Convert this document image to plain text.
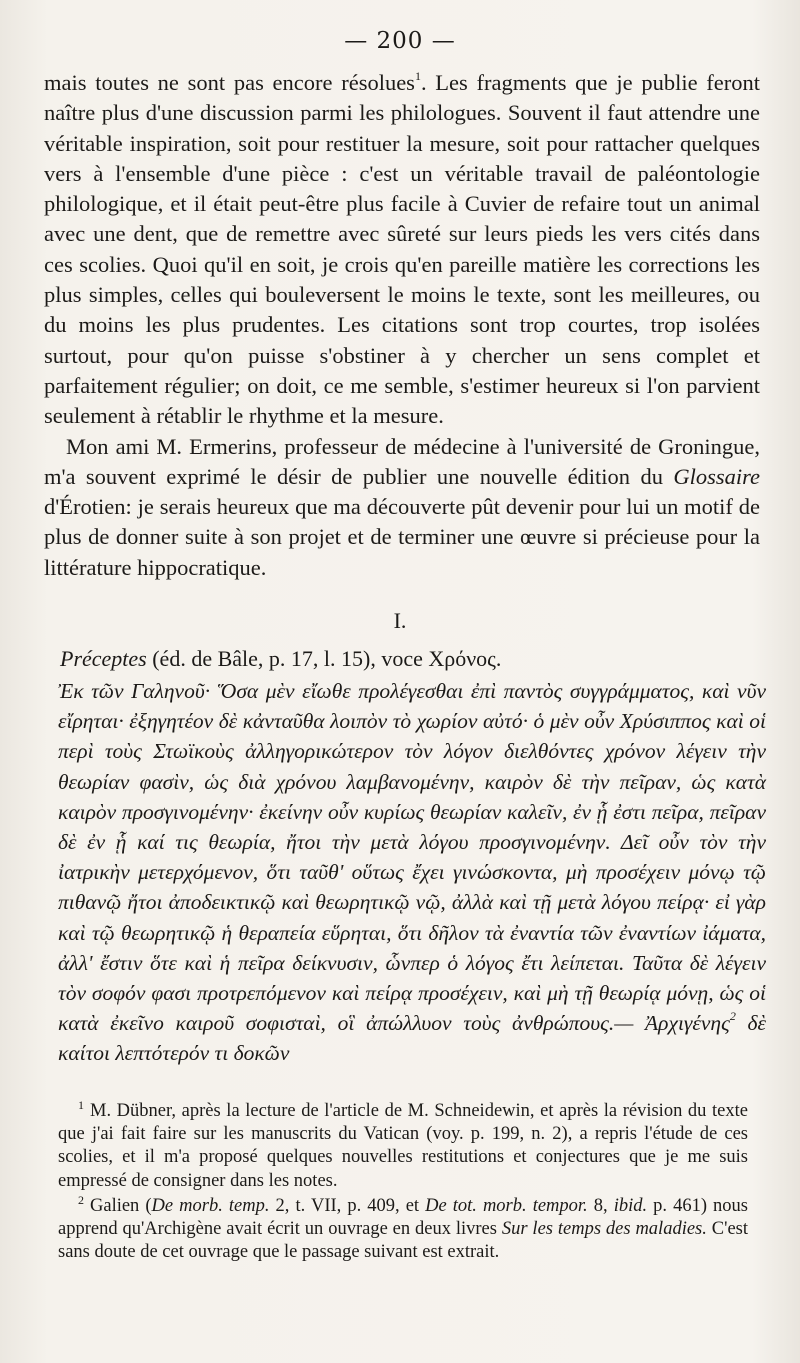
— 200 —

mais toutes ne sont pas encore résolues$^1$. Les fragments que je publie feront naître plus d'une discussion parmi les philologues. Souvent il faut attendre une véritable inspiration, soit pour restituer la mesure, soit pour rattacher quelques vers à l'ensemble d'une pièce : c'est un véritable travail de paléontologie philologique, et il était peut-être plus facile à Cuvier de refaire tout un animal avec une dent, que de remettre avec sûreté sur leurs pieds les vers cités dans ces scolies. Quoi qu'il en soit, je crois qu'en pareille matière les corrections les plus simples, celles qui bouleversent le moins le texte, sont les meilleures, ou du moins les plus prudentes. Les citations sont trop courtes, trop isolées surtout, pour qu'on puisse s'obstiner à y chercher un sens complet et parfaitement régulier; on doit, ce me semble, s'estimer heureux si l'on parvient seulement à rétablir le rhythme et la mesure.

Mon ami M. Ermerins, professeur de médecine à l'université de Groningue, m'a souvent exprimé le désir de publier une nouvelle édition du Glossaire d'Érotien: je serais heureux que ma découverte pût devenir pour lui un motif de plus de donner suite à son projet et de terminer une œuvre si précieuse pour la littérature hippocratique.

I.
Préceptes (éd. de Bâle, p. 17, l. 15), voce Χρόνος.

Ἐκ τῶν Γαληνοῦ· Ὅσα μὲν εἴωθε προλέγεσθαι ἐπὶ παντὸς συγγράμματος, καὶ νῦν εἴρηται· ἐξηγητέον δὲ κἀνταῦθα λοιπὸν τὸ χωρίον αὐτό· ὁ μὲν οὖν Χρύσιππος καὶ οἱ περὶ τοὺς Στωϊκοὺς ἀλληγορικώτερον τὸν λόγον διελθόντες χρόνον λέγειν τὴν θεωρίαν φασὶν, ὡς διὰ χρόνου λαμβανομένην, καιρὸν δὲ τὴν πεῖραν, ὡς κατὰ καιρὸν προσγινομένην· ἐκείνην οὖν κυρίως θεωρίαν καλεῖν, ἐν ᾗ ἐστι πεῖρα, πεῖραν δὲ ἐν ᾗ καί τις θεωρία, ἤτοι τὴν μετὰ λόγου προσγινομένην. Δεῖ οὖν τὸν τὴν ἰατρικὴν μετερχόμενον, ὅτι ταῦθ' οὕτως ἔχει γινώσκοντα, μὴ προσέχειν μόνῳ τῷ πιθανῷ ἤτοι ἀποδεικτικῷ καὶ θεωρητικῷ νῷ, ἀλλὰ καὶ τῇ μετὰ λόγου πείρᾳ· εἰ γὰρ καὶ τῷ θεωρητικῷ ἡ θεραπεία εὕρηται, ὅτι δῆλον τὰ ἐναντία τῶν ἐναντίων ἰάματα, ἀλλ' ἔστιν ὅτε καὶ ἡ πεῖρα δείκνυσιν, ὧνπερ ὁ λόγος ἔτι λείπεται. Ταῦτα δὲ λέγειν τὸν σοφόν φασι προτρεπόμενον καὶ πείρᾳ προσέχειν, καὶ μὴ τῇ θεωρίᾳ μόνῃ, ὡς οἱ κατὰ ἐκεῖνο καιροῦ σοφισταὶ, οἳ ἀπώλλυον τοὺς ἀνθρώπους.— Ἀρχιγένης$^2$ δὲ καίτοι λεπτότερόν τι δοκῶν

$^1$ M. Dübner, après la lecture de l'article de M. Schneidewin, et après la révision du texte que j'ai fait faire sur les manuscrits du Vatican (voy. p. 199, n. 2), a repris l'étude de ces scolies, et il m'a proposé quelques nouvelles restitutions et conjectures que je me suis empressé de consigner dans les notes.

$^2$ Galien (De morb. temp. 2, t. VII, p. 409, et De tot. morb. tempor. 8, ibid. p. 461) nous apprend qu'Archigène avait écrit un ouvrage en deux livres Sur les temps des maladies. C'est sans doute de cet ouvrage que le passage suivant est extrait.
